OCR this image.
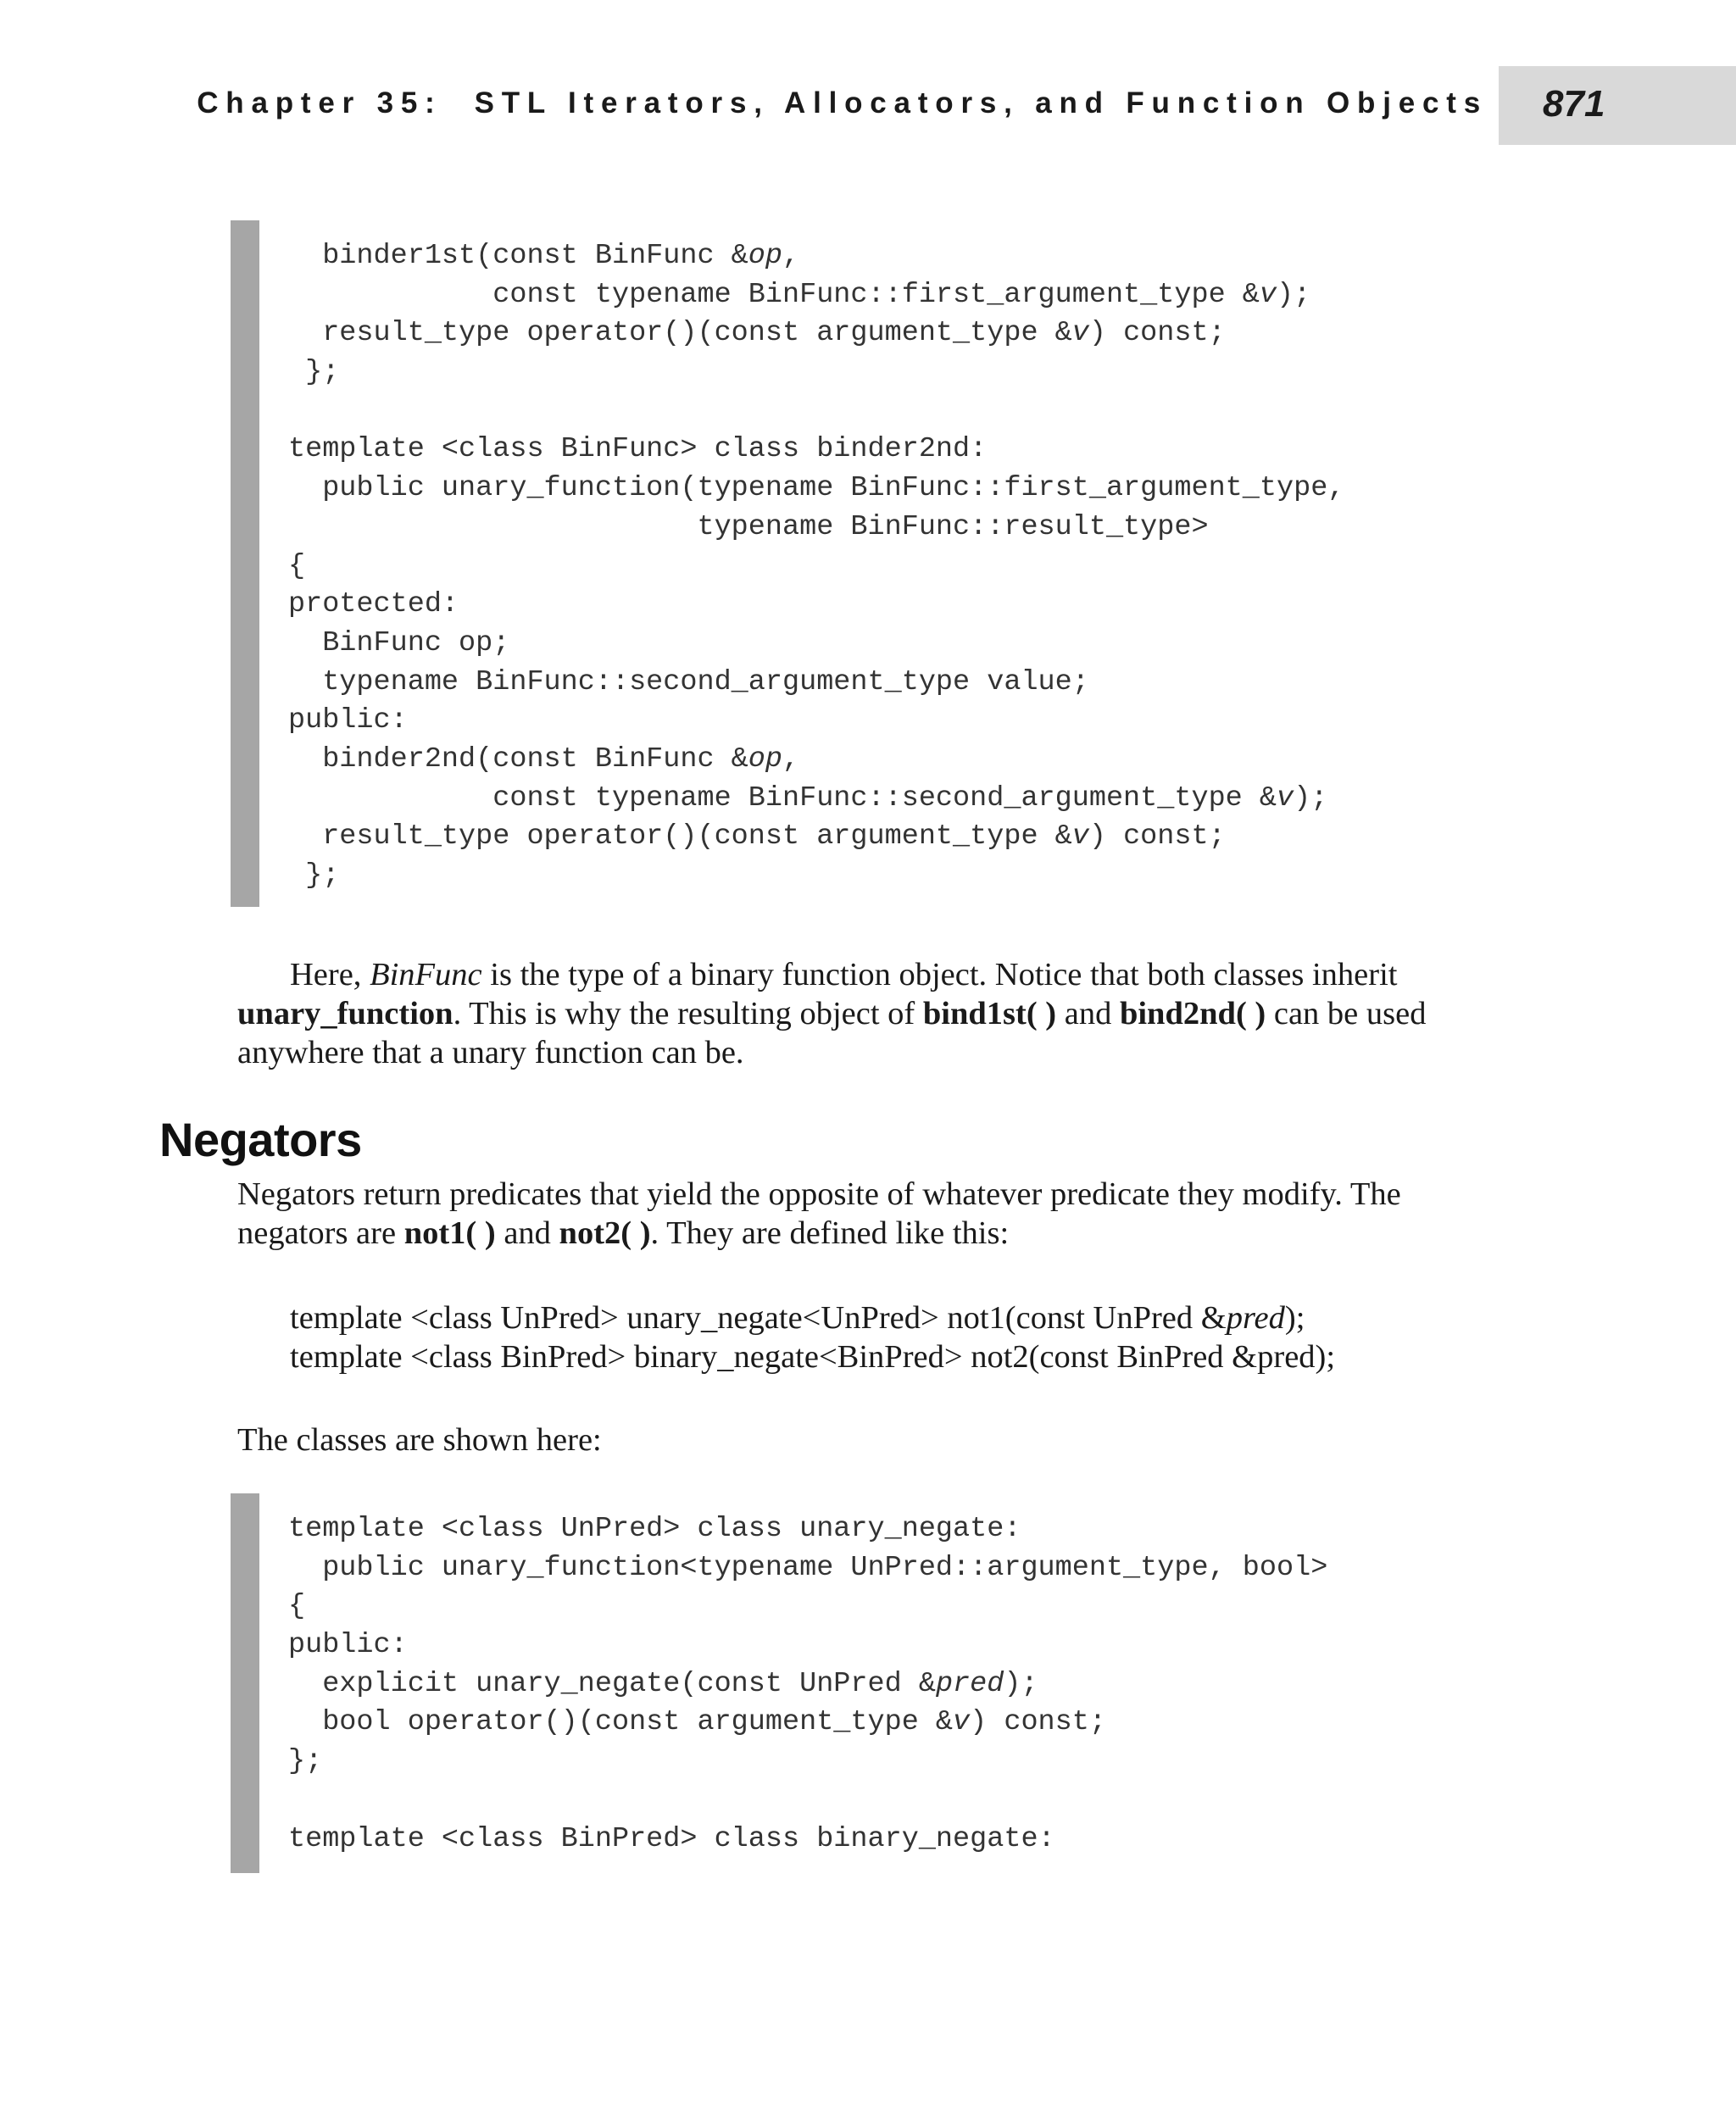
Chapter 35: STL Iterators, Allocators, and Function Objects 871
binder1st(const BinFunc &op,
const typename BinFunc::first_argument_type &v);
result_type operator()(const argument_type &v) const;
};
template <class BinFunc> class binder2nd:
public unary_function(typename BinFunc::first_argument_type,
typename BinFunc::result_type>
{
protected:
BinFunc op;
typename BinFunc::second_argument_type value;
public:
binder2nd(const BinFunc &op,
const typename BinFunc::second_argument_type &v);
result_type operator()(const argument_type &v) const;
};
Here, BinFunc is the type of a binary function object. Notice that both classes inherit unary_function. This is why the resulting object of bind1st( ) and bind2nd( ) can be used anywhere that a unary function can be.
Negators
Negators return predicates that yield the opposite of whatever predicate they modify. The negators are not1( ) and not2( ). They are defined like this:
template <class UnPred> unary_negate<UnPred> not1(const UnPred &pred);
template <class BinPred> binary_negate<BinPred> not2(const BinPred &pred);
The classes are shown here:
template <class UnPred> class unary_negate:
public unary_function<typename UnPred::argument_type, bool>
{
public:
explicit unary_negate(const UnPred &pred);
bool operator()(const argument_type &v) const;
};
template <class BinPred> class binary_negate:
